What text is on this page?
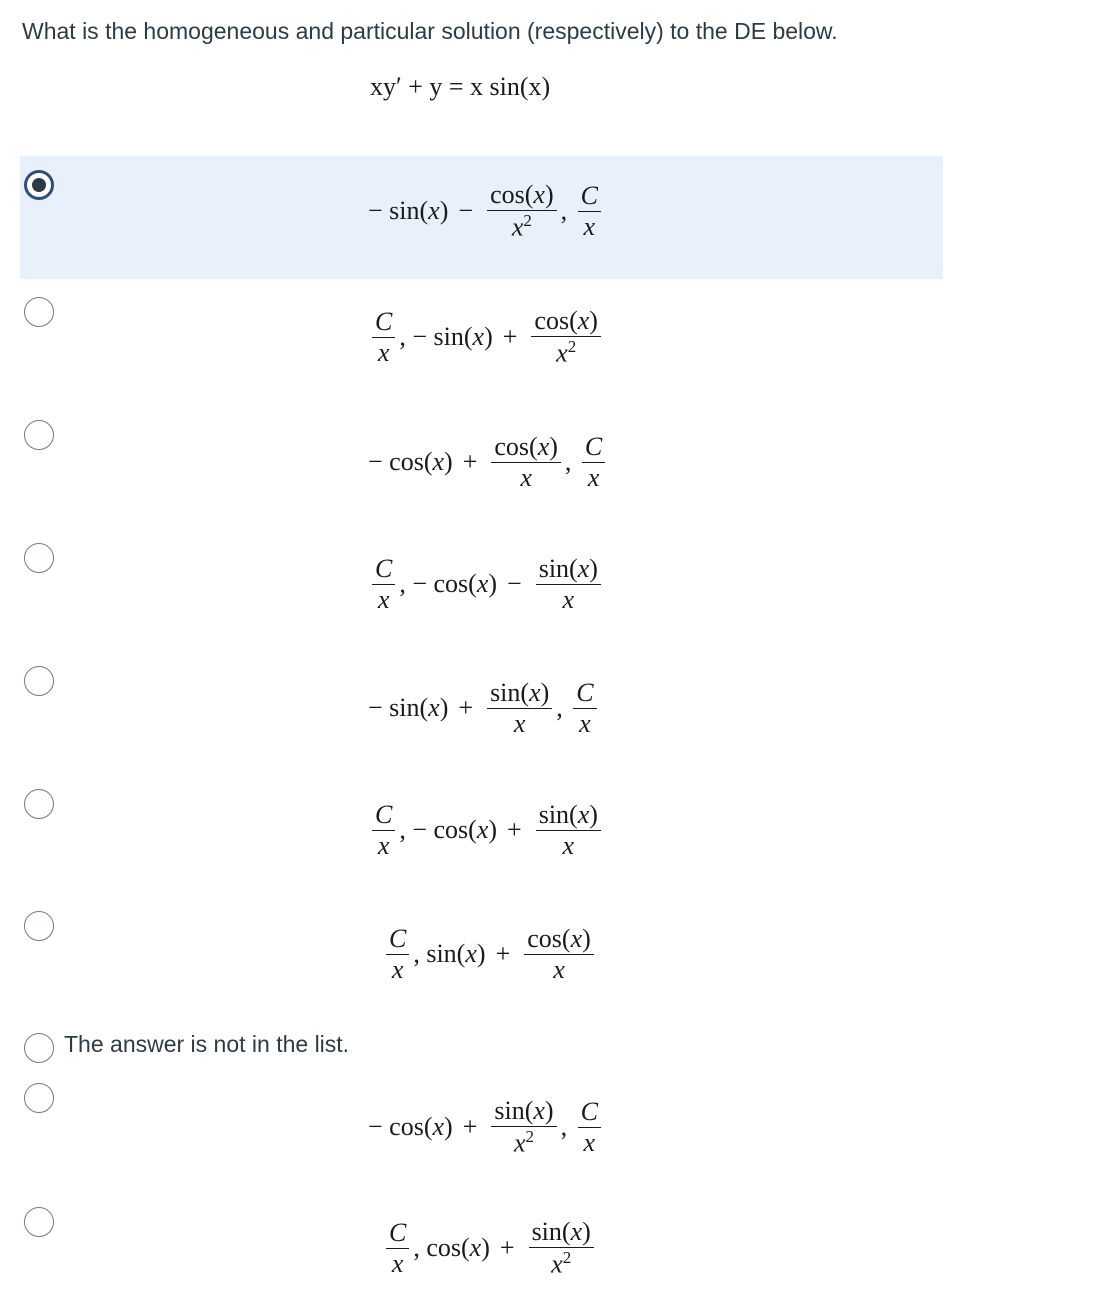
What is the homogeneous and particular solution (respectively) to the DE below.
xy′ + y = x sin(x)
− $\sin(x) - \frac{\cos(x)}{x^2}$ , $\frac{C}{x}$
$\frac{C}{x}$ , − $\sin(x) + \frac{\cos(x)}{x^2}$
− $\cos(x) + \frac{\cos(x)}{x}$ , $\frac{C}{x}$
$\frac{C}{x}$ , − $\cos(x) - \frac{\sin(x)}{x}$
− $\sin(x) + \frac{\sin(x)}{x}$ , $\frac{C}{x}$
$\frac{C}{x}$ , − $\cos(x) + \frac{\sin(x)}{x}$
$\frac{C}{x}$ , $\sin(x) + \frac{\cos(x)}{x}$
The answer is not in the list.
− $\cos(x) + \frac{\sin(x)}{x^2}$ , $\frac{C}{x}$
$\frac{C}{x}$ , $\cos(x) + \frac{\sin(x)}{x^2}$
